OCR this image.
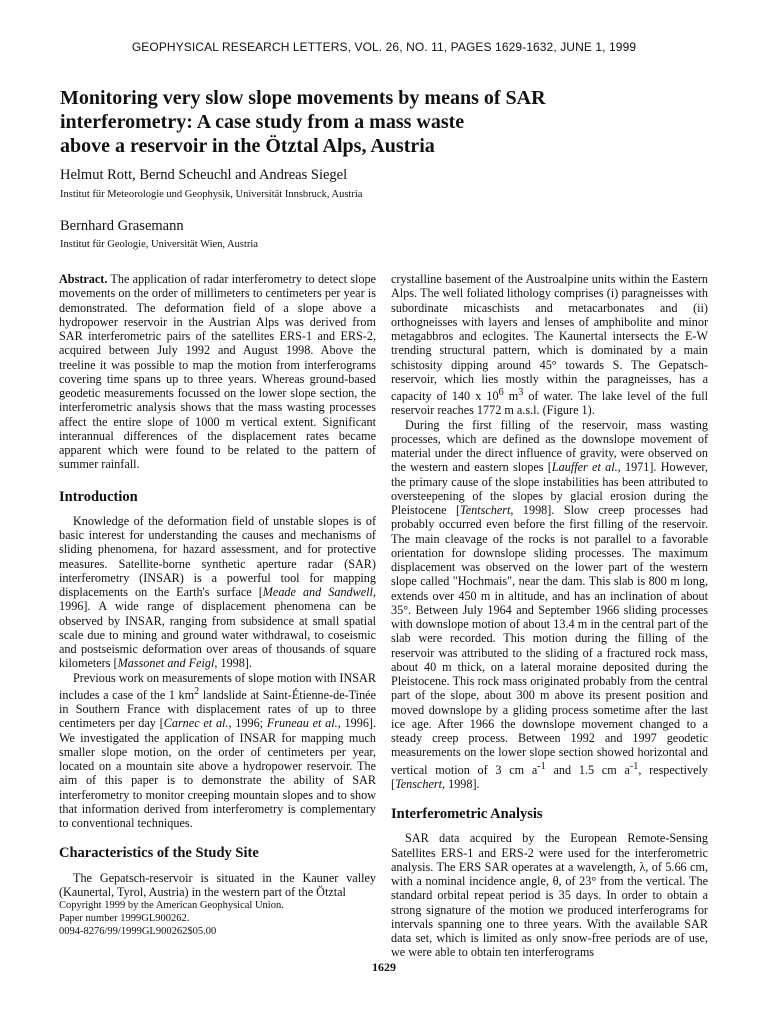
GEOPHYSICAL RESEARCH LETTERS, VOL. 26, NO. 11, PAGES 1629-1632, JUNE 1, 1999
Monitoring very slow slope movements by means of SAR
interferometry: A case study from a mass waste
above a reservoir in the Ötztal Alps, Austria
Helmut Rott, Bernd Scheuchl and Andreas Siegel
Institut für Meteorologie und Geophysik, Universität Innsbruck, Austria
Bernhard Grasemann
Institut für Geologie, Universität Wien, Austria

Abstract. The application of radar interferometry to detect slope movements on the order of millimeters to centimeters per year is demonstrated. The deformation field of a slope above a hydropower reservoir in the Austrian Alps was derived from SAR interferometric pairs of the satellites ERS-1 and ERS-2, acquired between July 1992 and August 1998. Above the treeline it was possible to map the motion from interferograms covering time spans up to three years. Whereas ground-based geodetic measurements focussed on the lower slope section, the interferometric analysis shows that the mass wasting processes affect the entire slope of 1000 m vertical extent. Significant interannual differences of the displacement rates became apparent which were found to be related to the pattern of summer rainfall.

Introduction

Knowledge of the deformation field of unstable slopes is of basic interest for understanding the causes and mechanisms of sliding phenomena, for hazard assessment, and for protective measures. Satellite-borne synthetic aperture radar (SAR) interferometry (INSAR) is a powerful tool for mapping displacements on the Earth's surface [Meade and Sandwell, 1996]. A wide range of displacement phenomena can be observed by INSAR, ranging from subsidence at small spatial scale due to mining and ground water withdrawal, to coseismic and postseismic deformation over areas of thousands of square kilometers [Massonet and Feigl, 1998].

Previous work on measurements of slope motion with INSAR includes a case of the 1 $km^2$ landslide at Saint-Étienne-de-Tinée in Southern France with displacement rates of up to three centimeters per day [Carnec et al., 1996; Fruneau et al., 1996]. We investigated the application of INSAR for mapping much smaller slope motion, on the order of centimeters per year, located on a mountain site above a hydropower reservoir. The aim of this paper is to demonstrate the ability of SAR interferometry to monitor creeping mountain slopes and to show that information derived from interferometry is complementary to conventional techniques.

Characteristics of the Study Site

The Gepatsch-reservoir is situated in the Kauner valley (Kaunertal, Tyrol, Austria) in the western part of the Ötztal

Copyright 1999 by the American Geophysical Union.

Paper number 1999GL900262.

0094-8276/99/1999GL900262$05.00

crystalline basement of the Austroalpine units within the Eastern Alps. The well foliated lithology comprises (i) paragneisses with subordinate micaschists and metacarbonates and (ii) orthogneisses with layers and lenses of amphibolite and minor metagabbros and eclogites. The Kaunertal intersects the E-W trending structural pattern, which is dominated by a main schistosity dipping around 45° towards S. The Gepatsch-reservoir, which lies mostly within the paragneisses, has a capacity of 140 x $10^6$ $m^3$ of water. The lake level of the full reservoir reaches 1772 m a.s.l. (Figure 1).

During the first filling of the reservoir, mass wasting processes, which are defined as the downslope movement of material under the direct influence of gravity, were observed on the western and eastern slopes [Lauffer et al., 1971]. However, the primary cause of the slope instabilities has been attributed to oversteepening of the slopes by glacial erosion during the Pleistocene [Tentschert, 1998]. Slow creep processes had probably occurred even before the first filling of the reservoir. The main cleavage of the rocks is not parallel to a favorable orientation for downslope sliding processes. The maximum displacement was observed on the lower part of the western slope called "Hochmais", near the dam. This slab is 800 m long, extends over 450 m in altitude, and has an inclination of about 35°. Between July 1964 and September 1966 sliding processes with downslope motion of about 13.4 m in the central part of the slab were recorded. This motion during the filling of the reservoir was attributed to the sliding of a fractured rock mass, about 40 m thick, on a lateral moraine deposited during the Pleistocene. This rock mass originated probably from the central part of the slope, about 300 m above its present position and moved downslope by a gliding process sometime after the last ice age. After 1966 the downslope movement changed to a steady creep process. Between 1992 and 1997 geodetic measurements on the lower slope section showed horizontal and vertical motion of 3 cm $a^{-1}$ and 1.5 cm $a^{-1}$, respectively [Tenschert, 1998].

Interferometric Analysis

SAR data acquired by the European Remote-Sensing Satellites ERS-1 and ERS-2 were used for the interferometric analysis. The ERS SAR operates at a wavelength, λ, of 5.66 cm, with a nominal incidence angle, θ, of 23° from the vertical. The standard orbital repeat period is 35 days. In order to obtain a strong signature of the motion we produced interferograms for intervals spanning one to three years. With the available SAR data set, which is limited as only snow-free periods are of use, we were able to obtain ten interferograms

1629
